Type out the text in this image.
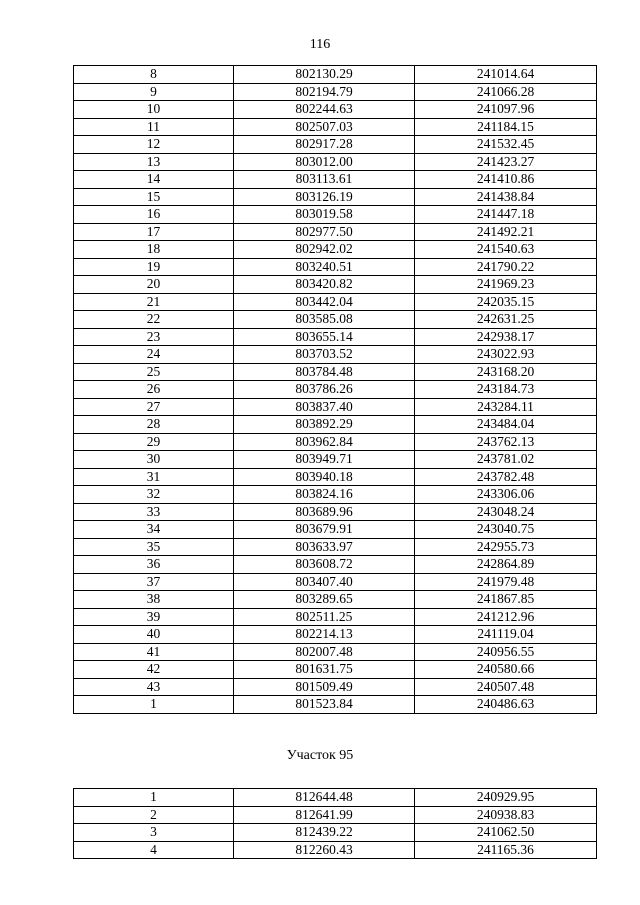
116
8	802130.29	241014.64
9	802194.79	241066.28
10	802244.63	241097.96
11	802507.03	241184.15
12	802917.28	241532.45
13	803012.00	241423.27
14	803113.61	241410.86
15	803126.19	241438.84
16	803019.58	241447.18
17	802977.50	241492.21
18	802942.02	241540.63
19	803240.51	241790.22
20	803420.82	241969.23
21	803442.04	242035.15
22	803585.08	242631.25
23	803655.14	242938.17
24	803703.52	243022.93
25	803784.48	243168.20
26	803786.26	243184.73
27	803837.40	243284.11
28	803892.29	243484.04
29	803962.84	243762.13
30	803949.71	243781.02
31	803940.18	243782.48
32	803824.16	243306.06
33	803689.96	243048.24
34	803679.91	243040.75
35	803633.97	242955.73
36	803608.72	242864.89
37	803407.40	241979.48
38	803289.65	241867.85
39	802511.25	241212.96
40	802214.13	241119.04
41	802007.48	240956.55
42	801631.75	240580.66
43	801509.49	240507.48
1	801523.84	240486.63
Участок 95
1	812644.48	240929.95
2	812641.99	240938.83
3	812439.22	241062.50
4	812260.43	241165.36
